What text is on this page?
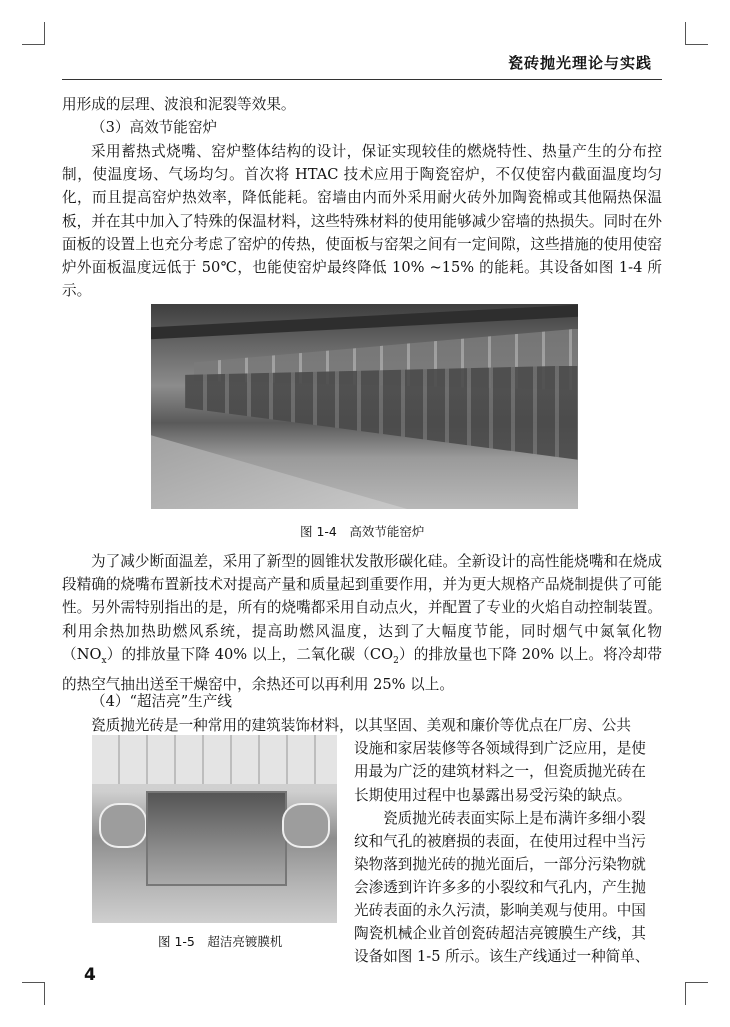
瓷砖抛光理论与实践

用形成的层理、波浪和泥裂等效果。

（3）高效节能窑炉

采用蓄热式烧嘴、窑炉整体结构的设计，保证实现较佳的燃烧特性、热量产生的分布控制，使温度场、气场均匀。首次将 HTAC 技术应用于陶瓷窑炉，不仅使窑内截面温度均匀化，而且提高窑炉热效率，降低能耗。窑墙由内而外采用耐火砖外加陶瓷棉或其他隔热保温板，并在其中加入了特殊的保温材料，这些特殊材料的使用能够减少窑墙的热损失。同时在外面板的设置上也充分考虑了窑炉的传热，使面板与窑架之间有一定间隙，这些措施的使用使窑炉外面板温度远低于 50℃，也能使窑炉最终降低 10% ~15% 的能耗。其设备如图 1-4 所示。

图 1-4　高效节能窑炉

为了减少断面温差，采用了新型的圆锥状发散形碳化硅。全新设计的高性能烧嘴和在烧成段精确的烧嘴布置新技术对提高产量和质量起到重要作用，并为更大规格产品烧制提供了可能性。另外需特别指出的是，所有的烧嘴都采用自动点火，并配置了专业的火焰自动控制装置。利用余热加热助燃风系统，提高助燃风温度，达到了大幅度节能，同时烟气中氮氧化物$(NO_x)$的排放量下降 40% 以上，二氧化碳$(CO_2)$的排放量也下降 20% 以上。将冷却带的热空气抽出送至干燥窑中，余热还可以再利用 25% 以上。

（4）“超洁亮”生产线

瓷质抛光砖是一种常用的建筑装饰材料，以其坚固、美观和廉价等优点在厂房、公共

设施和家居装修等各领域得到广泛应用，是使

用最为广泛的建筑材料之一，但瓷质抛光砖在

长期使用过程中也暴露出易受污染的缺点。

瓷质抛光砖表面实际上是布满许多细小裂

纹和气孔的被磨损的表面，在使用过程中当污

染物落到抛光砖的抛光面后，一部分污染物就

会渗透到许许多多的小裂纹和气孔内，产生抛

光砖表面的永久污渍，影响美观与使用。中国

陶瓷机械企业首创瓷砖超洁亮镀膜生产线，其

设备如图 1-5 所示。该生产线通过一种简单、

图 1-5　超洁亮镀膜机

4
